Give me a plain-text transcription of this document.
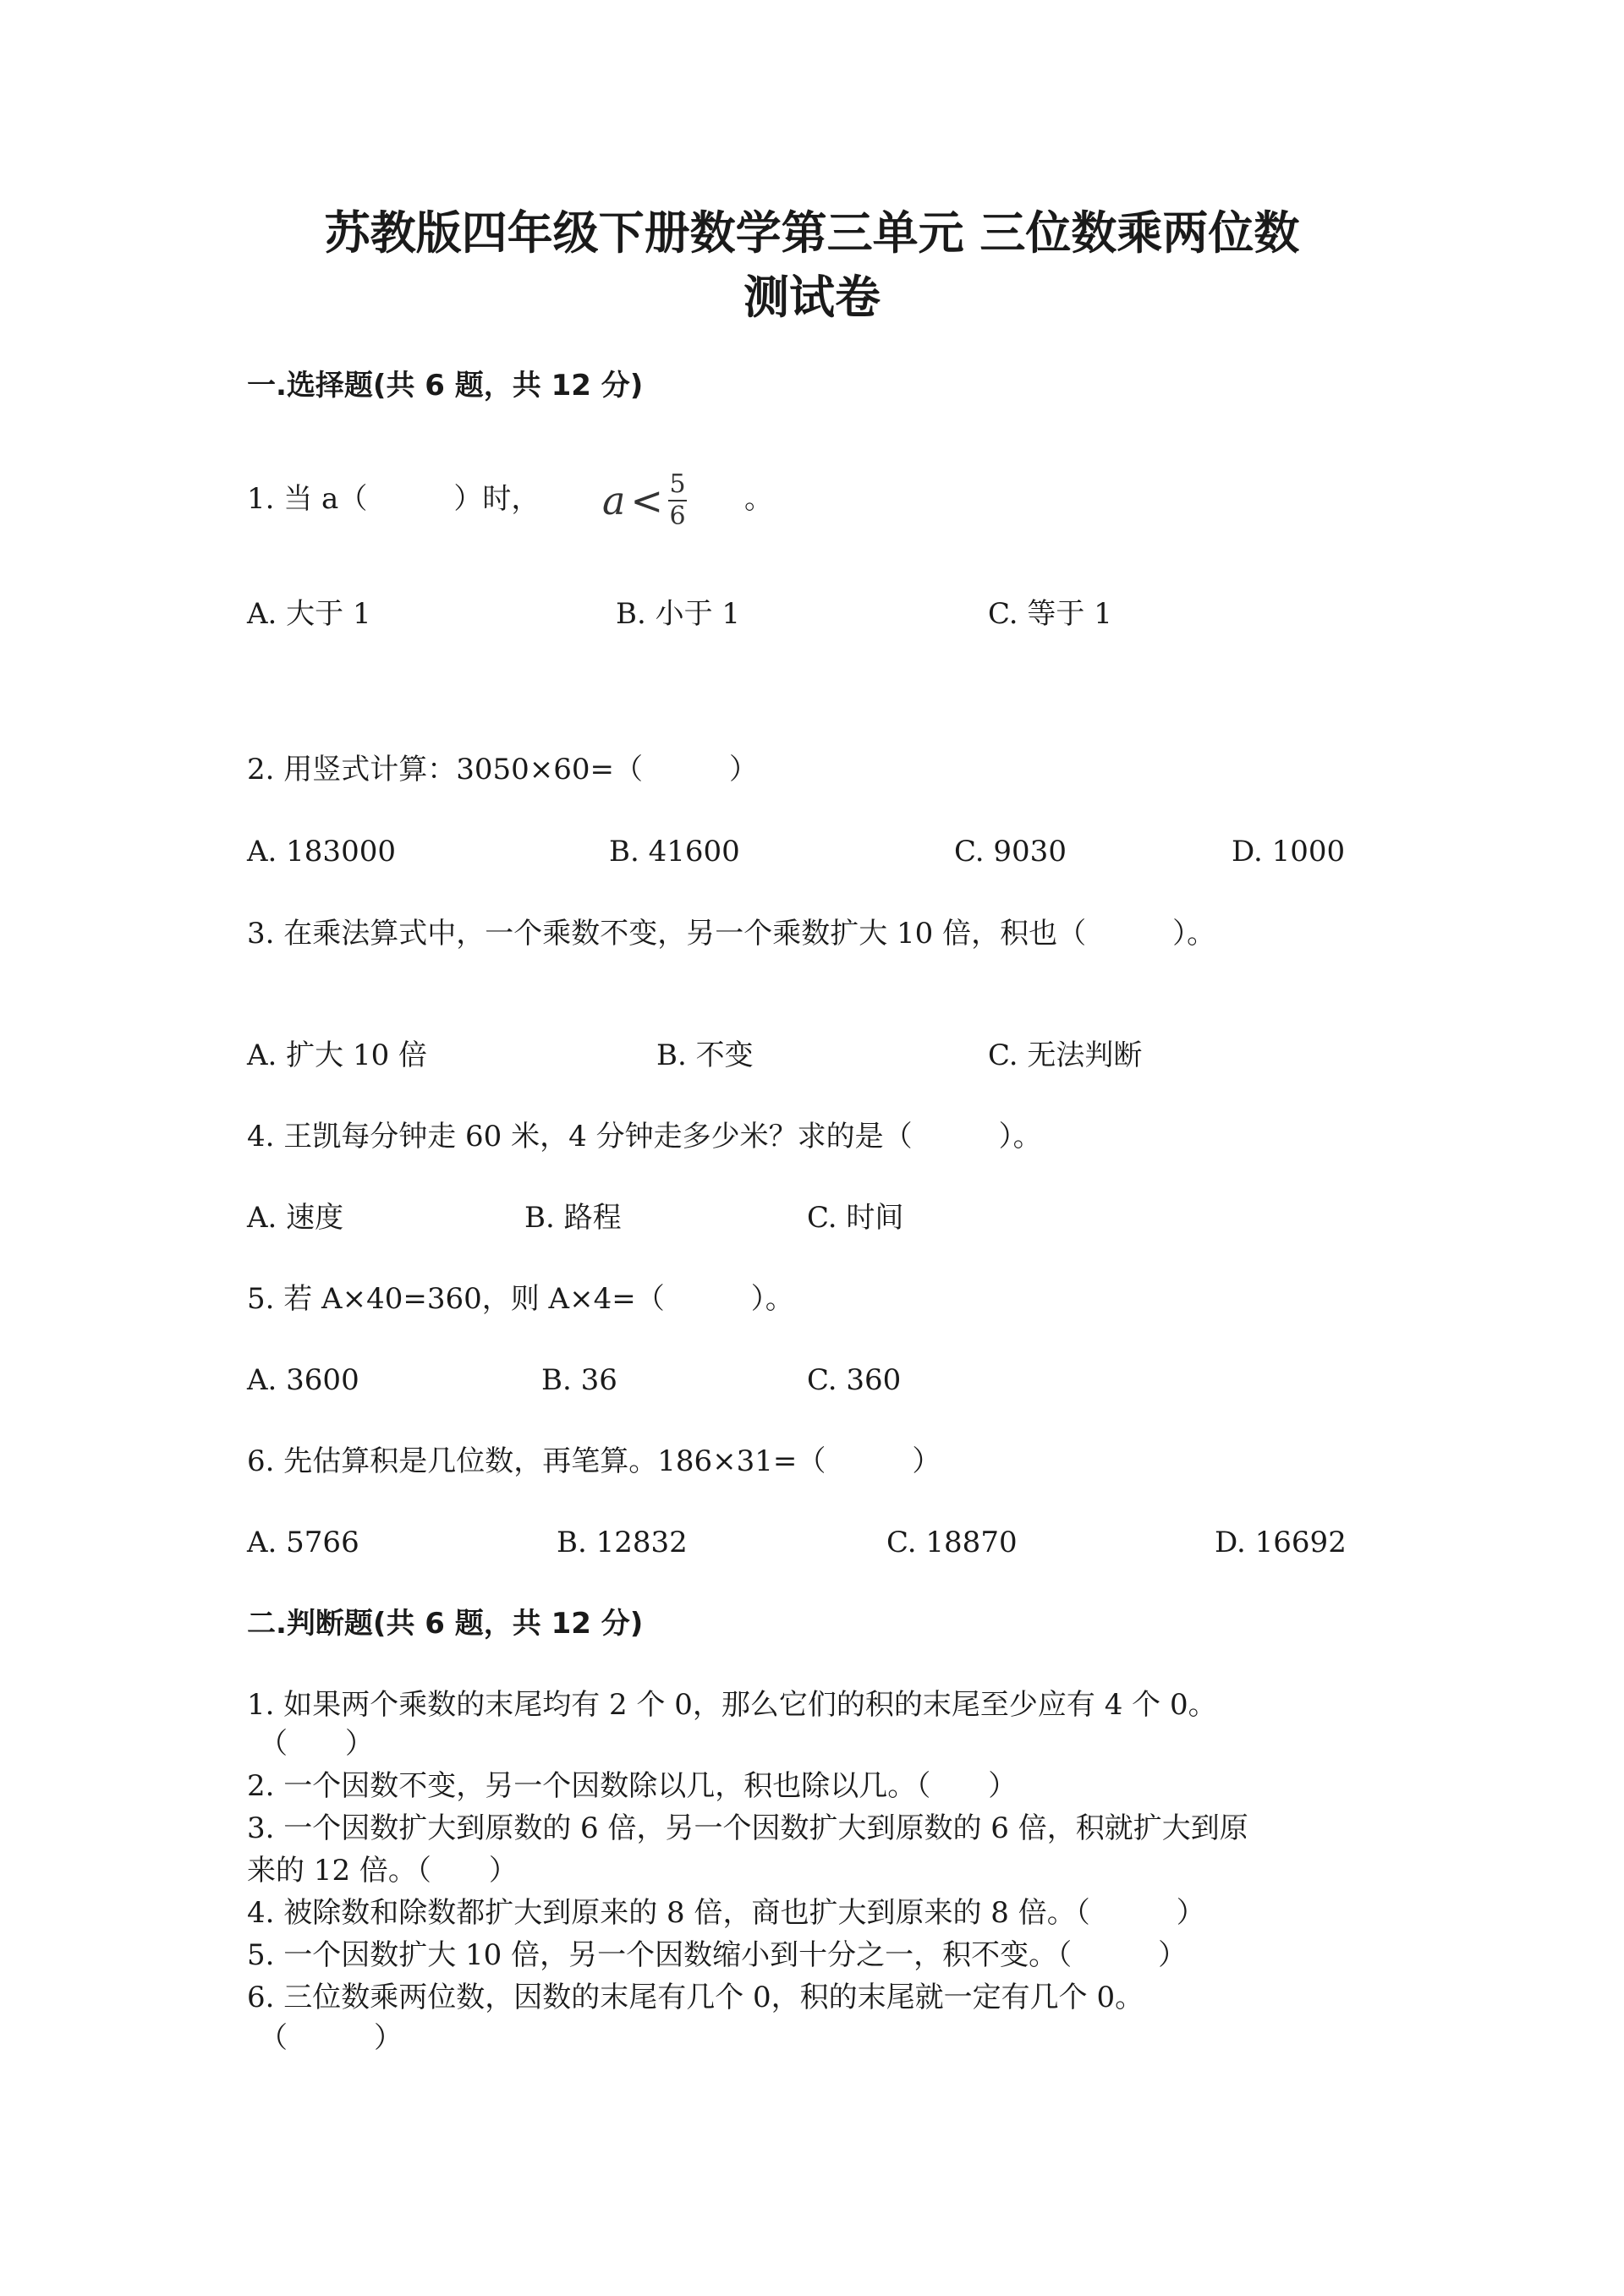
苏教版四年级下册数学第三单元 三位数乘两位数
测试卷
一.选择题(共 6 题，共 12 分)
1. 当 a（　　　）时， $a < \frac{5}{6}$ 。
A. 大于 1	B. 小于 1	C. 等于 1
2. 用竖式计算：3050×60=（　　　）
A. 183000	B. 41600	C. 9030	D. 1000
3. 在乘法算式中，一个乘数不变，另一个乘数扩大 10 倍，积也（　　　）。
A. 扩大 10 倍	B. 不变	C. 无法判断
4. 王凯每分钟走 60 米，4 分钟走多少米？求的是（　　　）。
A. 速度	B. 路程	C. 时间
5. 若 A×40=360，则 A×4=（　　　）。
A. 3600	B. 36	C. 360
6. 先估算积是几位数，再笔算。186×31=（　　　）
A. 5766	B. 12832	C. 18870	D. 16692
二.判断题(共 6 题，共 12 分)
1. 如果两个乘数的末尾均有 2 个 0，那么它们的积的末尾至少应有 4 个 0。
（　　）
2. 一个因数不变，另一个因数除以几，积也除以几。（　　）
3. 一个因数扩大到原数的 6 倍，另一个因数扩大到原数的 6 倍，积就扩大到原
来的 12 倍。（　　）
4. 被除数和除数都扩大到原来的 8 倍，商也扩大到原来的 8 倍。（　　　）
5. 一个因数扩大 10 倍，另一个因数缩小到十分之一，积不变。（　　　）
6. 三位数乘两位数，因数的末尾有几个 0，积的末尾就一定有几个 0。
（　　　）
